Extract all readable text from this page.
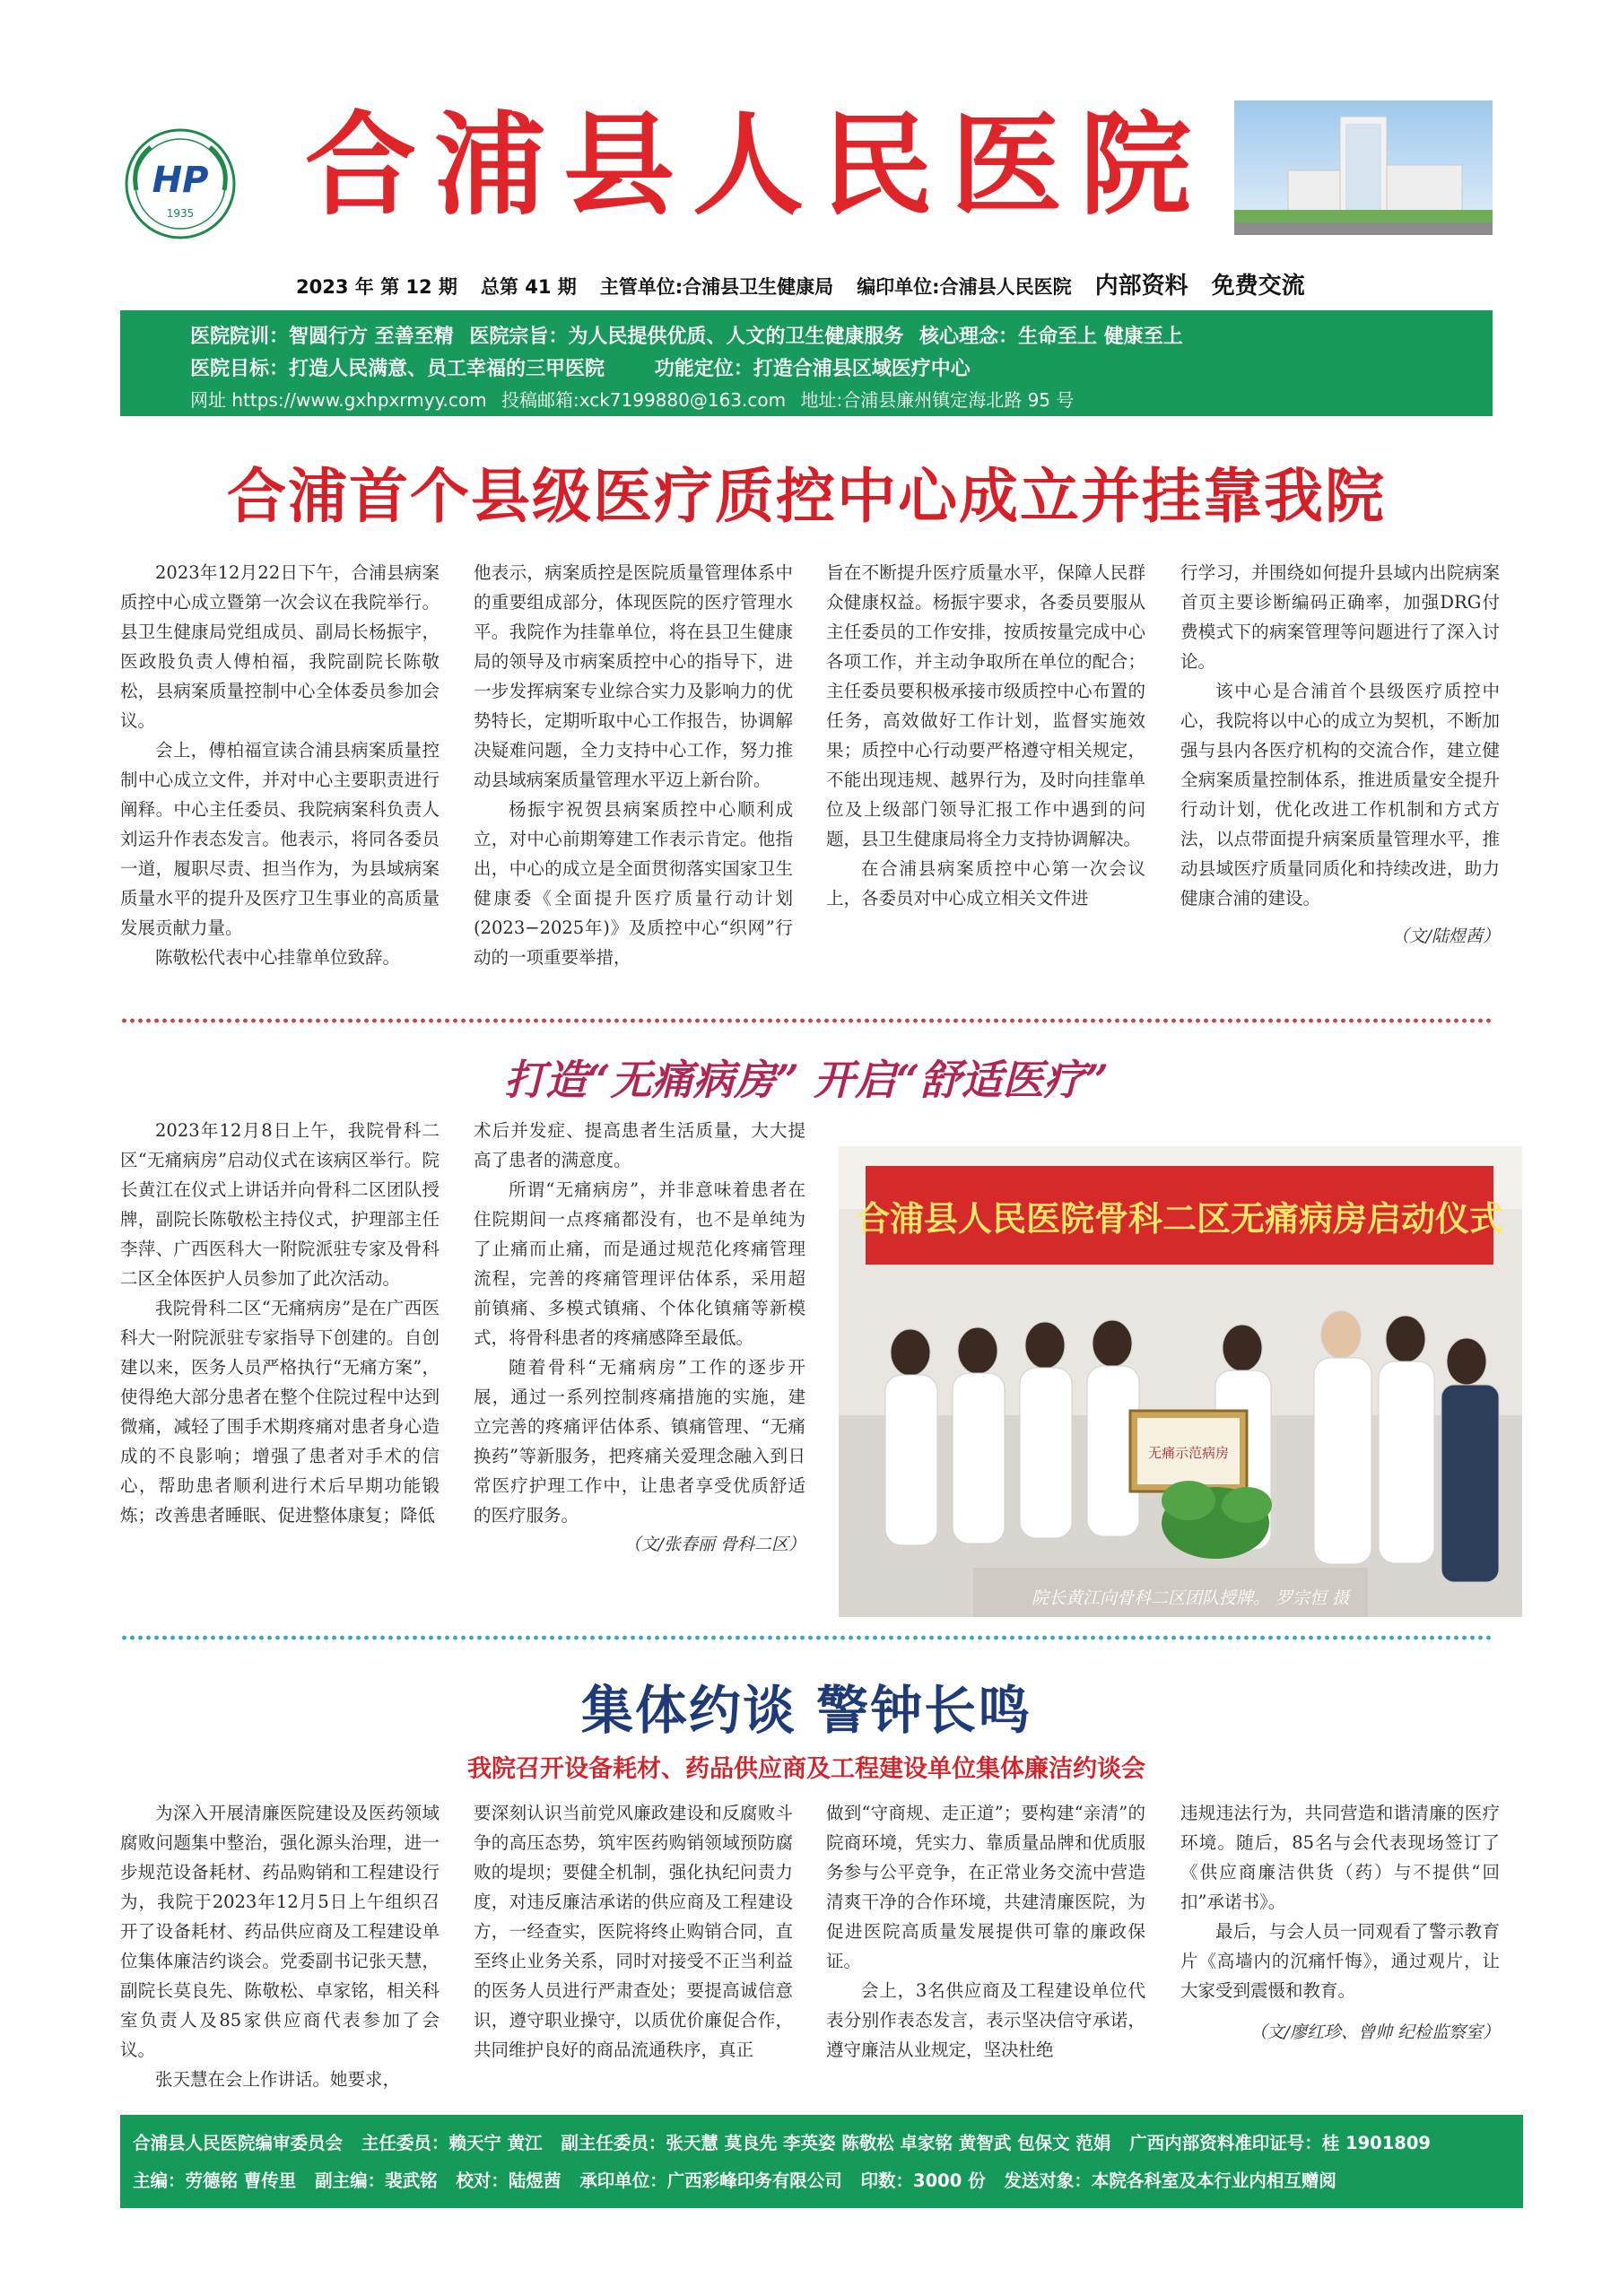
HP
1935 合浦县人民医院
2023 年 第 12 期 总第 41 期 主管单位:合浦县卫生健康局 编印单位:合浦县人民医院 内部资料 免费交流
医院院训：智圆行方 至善至精 医院宗旨：为人民提供优质、人文的卫生健康服务 核心理念：生命至上 健康至上
医院目标：打造人民满意、员工幸福的三甲医院	功能定位：打造合浦县区域医疗中心
网址 https://www.gxhpxrmyy.com 投稿邮箱:xck7199880@163.com 地址:合浦县廉州镇定海北路 95 号
合浦首个县级医疗质控中心成立并挂靠我院

2023年12月22日下午，合浦县病案质控中心成立暨第一次会议在我院举行。县卫生健康局党组成员、副局长杨振宇，医政股负责人傅柏福，我院副院长陈敬松，县病案质量控制中心全体委员参加会议。

会上，傅柏福宣读合浦县病案质量控制中心成立文件，并对中心主要职责进行阐释。中心主任委员、我院病案科负责人刘运升作表态发言。他表示，将同各委员一道，履职尽责、担当作为，为县域病案质量水平的提升及医疗卫生事业的高质量发展贡献力量。

陈敬松代表中心挂靠单位致辞。

他表示，病案质控是医院质量管理体系中的重要组成部分，体现医院的医疗管理水平。我院作为挂靠单位，将在县卫生健康局的领导及市病案质控中心的指导下，进一步发挥病案专业综合实力及影响力的优势特长，定期听取中心工作报告，协调解决疑难问题，全力支持中心工作，努力推动县域病案质量管理水平迈上新台阶。

杨振宇祝贺县病案质控中心顺利成立，对中心前期筹建工作表示肯定。他指出，中心的成立是全面贯彻落实国家卫生健康委《全面提升医疗质量行动计划(2023−2025年)》及质控中心“织网”行动的一项重要举措，

旨在不断提升医疗质量水平，保障人民群众健康权益。杨振宇要求，各委员要服从主任委员的工作安排，按质按量完成中心各项工作，并主动争取所在单位的配合；主任委员要积极承接市级质控中心布置的任务，高效做好工作计划，监督实施效果；质控中心行动要严格遵守相关规定，不能出现违规、越界行为，及时向挂靠单位及上级部门领导汇报工作中遇到的问题，县卫生健康局将全力支持协调解决。

在合浦县病案质控中心第一次会议上，各委员对中心成立相关文件进

行学习，并围绕如何提升县域内出院病案首页主要诊断编码正确率，加强DRG付费模式下的病案管理等问题进行了深入讨论。

该中心是合浦首个县级医疗质控中心，我院将以中心的成立为契机，不断加强与县内各医疗机构的交流合作，建立健全病案质量控制体系，推进质量安全提升行动计划，优化改进工作机制和方式方法，以点带面提升病案质量管理水平，推动县域医疗质量同质化和持续改进，助力健康合浦的建设。

（文/陆煜茜）
打造“无痛病房” 开启“舒适医疗”

2023年12月8日上午，我院骨科二区“无痛病房”启动仪式在该病区举行。院长黄江在仪式上讲话并向骨科二区团队授牌，副院长陈敬松主持仪式，护理部主任李萍、广西医科大一附院派驻专家及骨科二区全体医护人员参加了此次活动。

我院骨科二区“无痛病房”是在广西医科大一附院派驻专家指导下创建的。自创建以来，医务人员严格执行“无痛方案”，使得绝大部分患者在整个住院过程中达到微痛，减轻了围手术期疼痛对患者身心造成的不良影响；增强了患者对手术的信心，帮助患者顺利进行术后早期功能锻炼；改善患者睡眠、促进整体康复；降低

术后并发症、提高患者生活质量，大大提高了患者的满意度。

所谓“无痛病房”，并非意味着患者在住院期间一点疼痛都没有，也不是单纯为了止痛而止痛，而是通过规范化疼痛管理流程，完善的疼痛管理评估体系，采用超前镇痛、多模式镇痛、个体化镇痛等新模式，将骨科患者的疼痛感降至最低。

随着骨科“无痛病房”工作的逐步开展，通过一系列控制疼痛措施的实施，建立完善的疼痛评估体系、镇痛管理、“无痛换药”等新服务，把疼痛关爱理念融入到日常医疗护理工作中，让患者享受优质舒适的医疗服务。

（文/张春丽 骨科二区）
合浦县人民医院骨科二区无痛病房启动仪式
无痛示范病房
院长黄江向骨科二区团队授牌。 罗宗恒 摄
集体约谈 警钟长鸣
我院召开设备耗材、药品供应商及工程建设单位集体廉洁约谈会

为深入开展清廉医院建设及医药领域腐败问题集中整治，强化源头治理，进一步规范设备耗材、药品购销和工程建设行为，我院于2023年12月5日上午组织召开了设备耗材、药品供应商及工程建设单位集体廉洁约谈会。党委副书记张天慧，副院长莫良先、陈敬松、卓家铭，相关科室负责人及85家供应商代表参加了会议。

张天慧在会上作讲话。她要求，

要深刻认识当前党风廉政建设和反腐败斗争的高压态势，筑牢医药购销领域预防腐败的堤坝；要健全机制，强化执纪问责力度，对违反廉洁承诺的供应商及工程建设方，一经查实，医院将终止购销合同，直至终止业务关系，同时对接受不正当利益的医务人员进行严肃查处；要提高诚信意识，遵守职业操守，以质优价廉促合作，共同维护良好的商品流通秩序，真正

做到“守商规、走正道”；要构建“亲清”的院商环境，凭实力、靠质量品牌和优质服务参与公平竞争，在正常业务交流中营造清爽干净的合作环境，共建清廉医院，为促进医院高质量发展提供可靠的廉政保证。

会上，3名供应商及工程建设单位代表分别作表态发言，表示坚决信守承诺，遵守廉洁从业规定，坚决杜绝

违规违法行为，共同营造和谐清廉的医疗环境。随后，85名与会代表现场签订了《供应商廉洁供货（药）与不提供“回扣”承诺书》。

最后，与会人员一同观看了警示教育片《高墙内的沉痛忏悔》，通过观片，让大家受到震慑和教育。

（文/廖红珍、曾帅 纪检监察室）
合浦县人民医院编审委员会 主任委员：赖天宁 黄江 副主任委员：张天慧 莫良先 李英姿 陈敬松 卓家铭 黄智武 包保文 范娟 广西内部资料准印证号：桂 1901809
主编：劳德铭 曹传里 副主编：裴武铭 校对：陆煜茜 承印单位：广西彩峰印务有限公司 印数：3000 份 发送对象：本院各科室及本行业内相互赠阅
